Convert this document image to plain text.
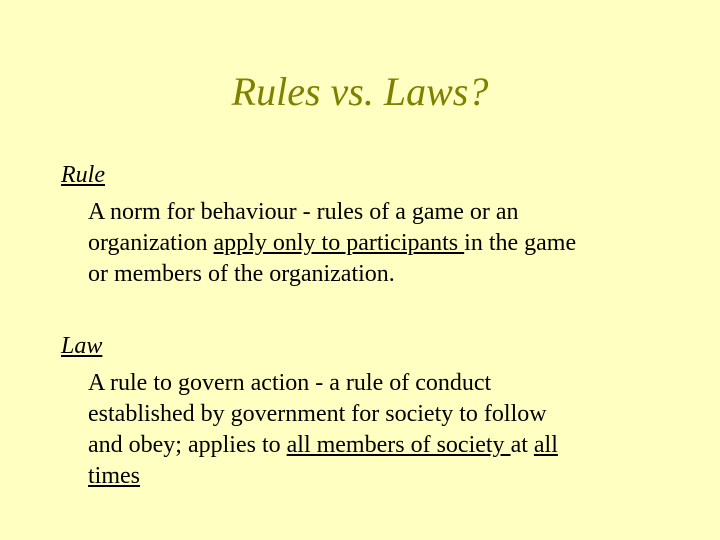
Rules vs. Laws?
Rule
A norm for behaviour - rules of a game or an
organization apply only to participants in the game
or members of the organization.
Law
A rule to govern action - a rule of conduct
established by government for society to follow
and obey; applies to all members of society at all
times
